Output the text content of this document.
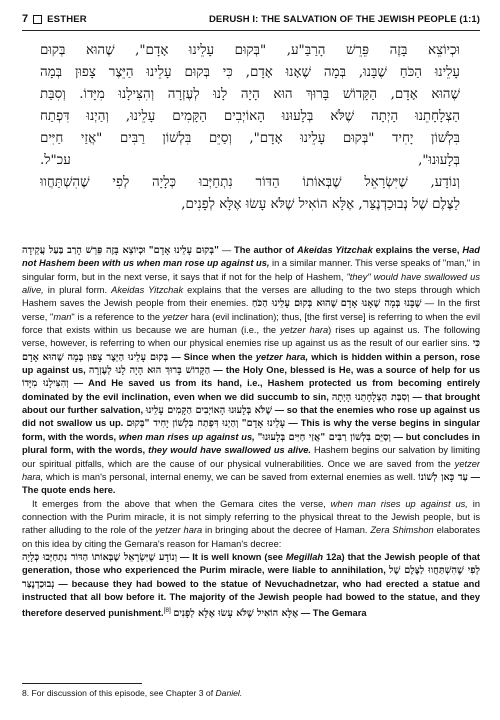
7 ESTHER	DERUSH I: THE SALVATION OF THE JEWISH PEOPLE (1:1)
וּכְיוֹצֵא בָּזֶה פֵּרֵשׁ הָרַבַּ"ע, "בְּקוּם עָלֵינוּ אָדָם", שֶׁהוּא בְּקוּם
עָלֵינוּ הַכֹּחַ שֶׁבָּנוּ, בְּמָה שֶׁאָנוּ אָדָם, כִּי בְּקוּם עָלֵינוּ הַיֵּצֶר צָפוּן בְּמָה
שֶׁהוּא אָדָם, הַקָּדוֹשׁ בָּרוּךְ הוּא הָיָה לָנוּ לְעֶזְרָה וְהִצִּילָנוּ מִיָּדוֹ. וְסִבַּת
הַצְלָחָתֵנוּ הָיְתָה שֶׁלֹּא בְּלָעוּנוּ הָאוֹיְבִים הַקָּמִים עָלֵינוּ, וְהַיְנוּ דִּפְתַח
בִּלְשׁוֹן יָחִיד "בְּקוּם עָלֵינוּ אָדָם", וְסַיֵּם בִּלְשׁוֹן רַבִּים "אֲזַי חַיִּים
בְּלָעוּנוּ", עכ"ל.
וְנוֹדָע, שֶׁיִּשְׂרָאֵל שֶׁבְּאוֹתוֹ הַדּוֹר נִתְחַיְּבוּ כְּלָיָה לְפִי שֶׁהִשְׁתַּחֲווּ
לַצֶּלֶם שֶׁל נְבוּכַדְנֶצַּר, אֶלָּא הוֹאִיל שֶׁלֹּא עָשׂוּ אֶלָּא לְפָנִים,

וּכְיוֹצֵא בָּזֶה פֵּרֵשׁ הָרַב בַּעַל עֲקֵידָה "בְּקוּם עָלֵינוּ אָדָם" — The author of Akeidas Yitzchak explains the verse, Had not Hashem been with us when man rose up against us, in a similar manner. This verse speaks of "man," in singular form, but in the next verse, it says that if not for the help of Hashem, "they" would have swallowed us alive, in plural form. Akeidas Yitzchak explains that the verses are alluding to the two steps through which Hashem saves the Jewish people from their enemies. שֶׁהוּא בְּקוּם עָלֵינוּ הַכֹּחַ שֶׁבָּנוּ בְּמָה שֶׁאָנוּ אָדָם — In the first verse, "man" is a reference to the yetzer hara (evil inclination); thus, [the first verse] is referring to when the evil force that exists within us because we are human (i.e., the yetzer hara) rises up against us. The following verse, however, is referring to when our physical enemies rise up against us as the result of our earlier sins. כִּי בְּקוּם עָלֵינוּ הַיֵּצֶר צָפוּן בְּמָה שֶׁהוּא אָדָם — Since when the yetzer hara, which is hidden within a person, rose up against us, הַקָּדוֹשׁ בָּרוּךְ הוּא הָיָה לָנוּ לְעֶזְרָה — the Holy One, blessed is He, was a source of help for us וְהִצִּילָנוּ מִיָּדוֹ — And He saved us from its hand, i.e., Hashem protected us from becoming entirely dominated by the evil inclination, even when we did succumb to sin, וְסִבַּת הַצְלָחָתֵנוּ הָיְתָה — that brought about our further salvation, שֶׁלֹּא בְּלָעוּנוּ הָאוֹיְבִים הַקָּמִים עָלֵינוּ — so that the enemies who rose up against us did not swallow us up. וְהַיְנוּ דִּפְתַח בִּלְשׁוֹן יָחִיד "בְּקוּם עָלֵינוּ אָדָם" — This is why the verse begins in singular form, with the words, when man rises up against us, וְסַיֵּם בִּלְשׁוֹן רַבִּים "אֲזַי חַיִּים בְּלָעוּנוּ" — but concludes in plural form, with the words, they would have swallowed us alive. Hashem begins our salvation by limiting our spiritual pitfalls, which are the cause of our physical vulnerabilities. Once we are saved from the yetzer hara, which is man's personal, internal enemy, we can be saved from external enemies as well. עַד כָּאן לְשׁוֹנוֹ — The quote ends here.

It emerges from the above that when the Gemara cites the verse, when man rises up against us, in connection with the Purim miracle, it is not simply referring to the physical threat to the Jewish people, but is rather alluding to the role of the yetzer hara in bringing about the decree of Haman. Zera Shimshon elaborates on this idea by citing the Gemara's reason for Haman's decree:

וְנוֹדָע שֶׁיִּשְׂרָאֵל שֶׁבְּאוֹתוֹ הַדּוֹר נִתְחַיְּבוּ כְּלָיָה — It is well known (see Megillah 12a) that the Jewish people of that generation, those who experienced the Purim miracle, were liable to annihilation, לְפִי שֶׁהִשְׁתַּחֲווּ לַצֶּלֶם שֶׁל נְבוּכַדְנֶצַּר — because they had bowed to the statue of Nevuchadnetzar, who had erected a statue and instructed that all bow before it. The majority of the Jewish people had bowed to the statue, and they therefore deserved punishment.[8] אֶלָּא הוֹאִיל שֶׁלֹּא עָשׂוּ אֶלָּא לְפָנִים — The Gemara

8. For discussion of this episode, see Chapter 3 of Daniel.
